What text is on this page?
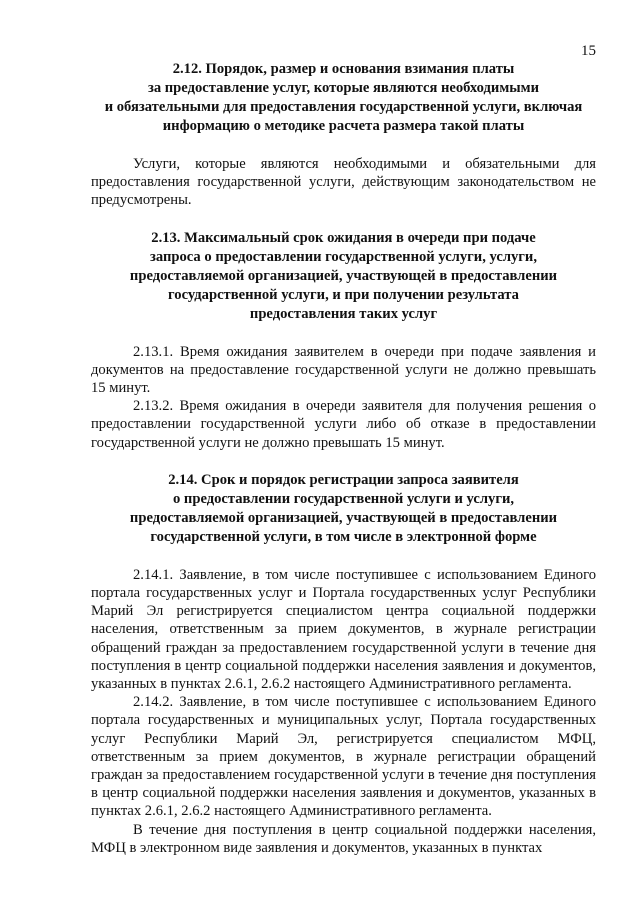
15
2.12. Порядок, размер и основания взимания платы
за предоставление услуг, которые являются необходимыми
и обязательными для предоставления государственной услуги, включая
информацию о методике расчета размера такой платы

Услуги, которые являются необходимыми и обязательными для предоставления государственной услуги, действующим законодательством не предусмотрены.

2.13. Максимальный срок ожидания в очереди при подаче
запроса о предоставлении государственной услуги, услуги,
предоставляемой организацией, участвующей в предоставлении
государственной услуги, и при получении результата
предоставления таких услуг

2.13.1. Время ожидания заявителем в очереди при подаче заявления и документов на предоставление государственной услуги не должно превышать 15 минут.

2.13.2. Время ожидания в очереди заявителя для получения решения о предоставлении государственной услуги либо об отказе в предоставлении государственной услуги не должно превышать 15 минут.

2.14. Срок и порядок регистрации запроса заявителя
о предоставлении государственной услуги и услуги,
предоставляемой организацией, участвующей в предоставлении
государственной услуги, в том числе в электронной форме

2.14.1. Заявление, в том числе поступившее с использованием Единого портала государственных услуг и Портала государственных услуг Республики Марий Эл регистрируется специалистом центра социальной поддержки населения, ответственным за прием документов, в журнале регистрации обращений граждан за предоставлением государственной услуги в течение дня поступления в центр социальной поддержки населения заявления и документов, указанных в пунктах 2.6.1, 2.6.2 настоящего Административного регламента.

2.14.2. Заявление, в том числе поступившее с использованием Единого портала государственных и муниципальных услуг, Портала государственных услуг Республики Марий Эл, регистрируется специалистом МФЦ, ответственным за прием документов, в журнале регистрации обращений граждан за предоставлением государственной услуги в течение дня поступления в центр социальной поддержки населения заявления и документов, указанных в пунктах 2.6.1, 2.6.2 настоящего Административного регламента.

В течение дня поступления в центр социальной поддержки населения, МФЦ в электронном виде заявления и документов, указанных в пунктах
